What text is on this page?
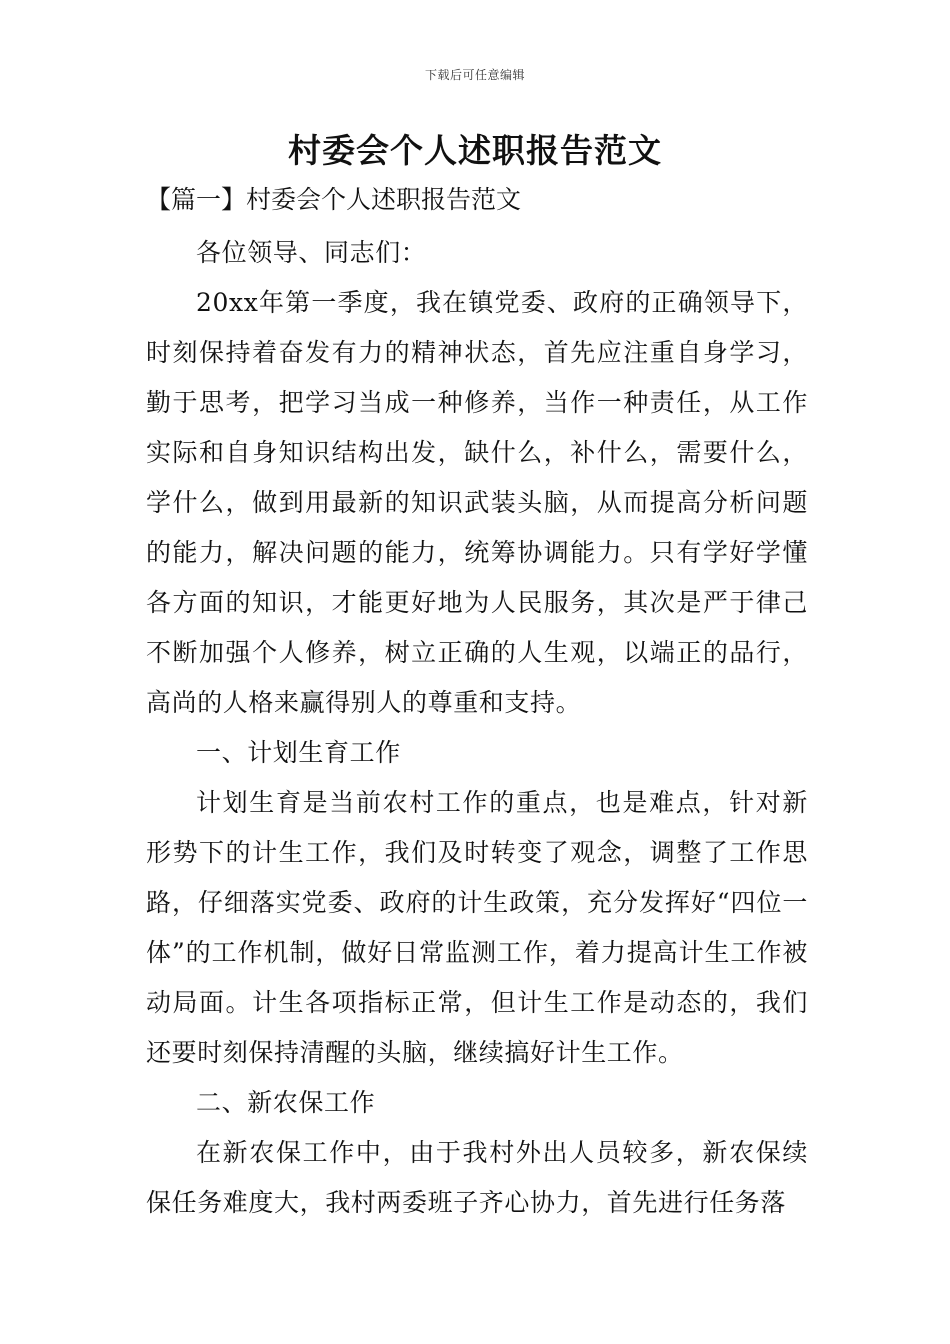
下载后可任意编辑
村委会个人述职报告范文
【篇一】村委会个人述职报告范文

各位领导、同志们：

20xx年第一季度，我在镇党委、政府的正确领导下，时刻保持着奋发有力的精神状态，首先应注重自身学习，勤于思考，把学习当成一种修养，当作一种责任，从工作实际和自身知识结构出发，缺什么，补什么，需要什么，学什么，做到用最新的知识武装头脑，从而提高分析问题的能力，解决问题的能力，统筹协调能力。只有学好学懂各方面的知识，才能更好地为人民服务，其次是严于律己不断加强个人修养，树立正确的人生观，以端正的品行，高尚的人格来赢得别人的尊重和支持。

一、计划生育工作

计划生育是当前农村工作的重点，也是难点，针对新形势下的计生工作，我们及时转变了观念，调整了工作思路，仔细落实党委、政府的计生政策，充分发挥好“四位一体”的工作机制，做好日常监测工作，着力提高计生工作被动局面。计生各项指标正常，但计生工作是动态的，我们还要时刻保持清醒的头脑，继续搞好计生工作。

二、新农保工作

在新农保工作中，由于我村外出人员较多，新农保续保任务难度大，我村两委班子齐心协力，首先进行任务落
